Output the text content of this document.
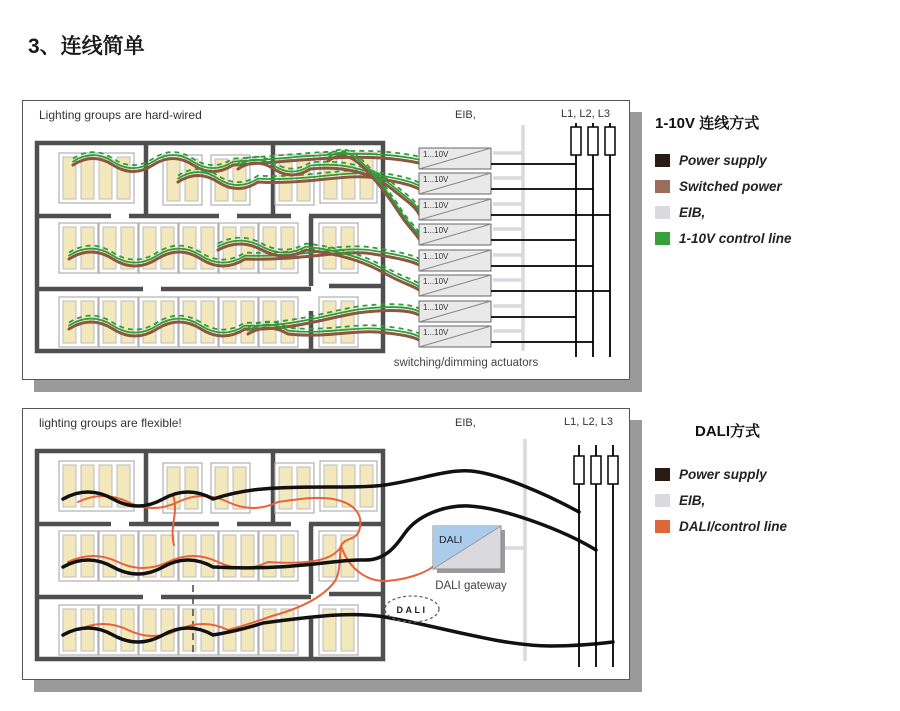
3、连线简单
Lighting groups are hard-wired	EIB,	L1, L2, L3
1...10V
1...10V
1...10V
1...10V
1...10V
1...10V
1...10V
1...10V
switching/dimming actuators
1-10V 连线方式
Power supply
Switched power
EIB,
1-10V control line
lighting groups are flexible!	EIB,	L1, L2, L3
DALI
DALI gateway
DALI
DALI方式
Power supply
EIB,
DALI/control line
